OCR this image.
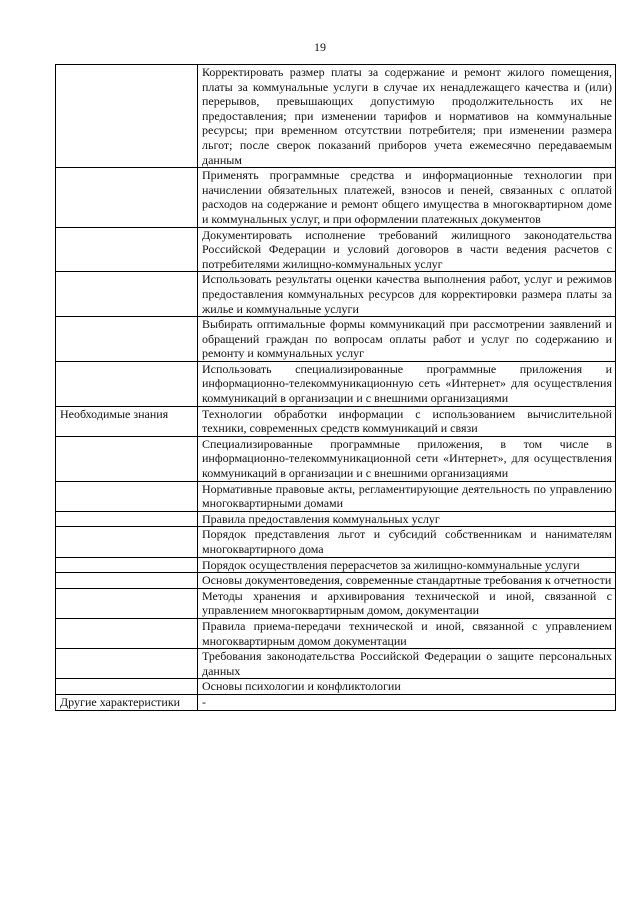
19
	Корректировать размер платы за содержание и ремонт жилого помещения, платы за коммунальные услуги в случае их ненадлежащего качества и (или) перерывов, превышающих допустимую продолжительность их не предоставления; при изменении тарифов и нормативов на коммунальные ресурсы; при временном отсутствии потребителя; при изменении размера льгот; после сверок показаний приборов учета ежемесячно передаваемым данным
	Применять программные средства и информационные технологии при начислении обязательных платежей, взносов и пеней, связанных с оплатой расходов на содержание и ремонт общего имущества в многоквартирном доме и коммунальных услуг, и при оформлении платежных документов
	Документировать исполнение требований жилищного законодательства Российской Федерации и условий договоров в части ведения расчетов с потребителями жилищно-коммунальных услуг
	Использовать результаты оценки качества выполнения работ, услуг и режимов предоставления коммунальных ресурсов для корректировки размера платы за жилье и коммунальные услуги
	Выбирать оптимальные формы коммуникаций при рассмотрении заявлений и обращений граждан по вопросам оплаты работ и услуг по содержанию и ремонту и коммунальных услуг
	Использовать специализированные программные приложения и информационно-телекоммуникационную сеть «Интернет» для осуществления коммуникаций в организации и с внешними организациями
Необходимые знания	Технологии обработки информации с использованием вычислительной техники, современных средств коммуникаций и связи
	Специализированные программные приложения, в том числе в информационно-телекоммуникационной сети «Интернет», для осуществления коммуникаций в организации и с внешними организациями
	Нормативные правовые акты, регламентирующие деятельность по управлению многоквартирными домами
	Правила предоставления коммунальных услуг
	Порядок представления льгот и субсидий собственникам и нанимателям многоквартирного дома
	Порядок осуществления перерасчетов за жилищно-коммунальные услуги
	Основы документоведения, современные стандартные требования к отчетности
	Методы хранения и архивирования технической и иной, связанной с управлением многоквартирным домом, документации
	Правила приема-передачи технической и иной, связанной с управлением многоквартирным домом документации
	Требования законодательства Российской Федерации о защите персональных данных
	Основы психологии и конфликтологии
Другие характеристики	-
